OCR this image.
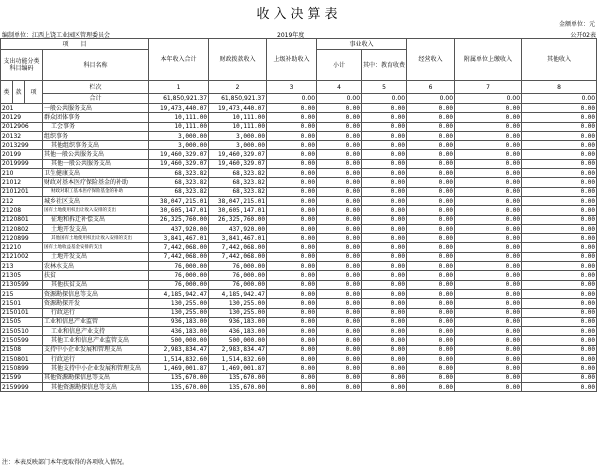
收入决算表
金额单位：元
编制单位：江西上饶工业园区管理委员会	2019年度	公开02表
项　　目				本年收入合计	财政拨款收入	上级补助收入	事业收入		经营收入	附属单位上缴收入	其他收入
支出功能分类科目编码			科目名称				小计	其中：教育收费			
类	款	项	栏次	1	2	3	4	5	6	7	8
			合计	61,850,921.37	61,850,921.37	0.00	0.00	0.00	0.00	0.00	0.00
201			一般公共服务支出	19,473,440.07	19,473,440.07	0.00	0.00	0.00	0.00	0.00	0.00
20129			群众团体事务	10,111.00	10,111.00	0.00	0.00	0.00	0.00	0.00	0.00
2012906			工会事务	10,111.00	10,111.00	0.00	0.00	0.00	0.00	0.00	0.00
20132			组织事务	3,000.00	3,000.00	0.00	0.00	0.00	0.00	0.00	0.00
2013299			其他组织事务支出	3,000.00	3,000.00	0.00	0.00	0.00	0.00	0.00	0.00
20199			其他一般公共服务支出	19,460,329.07	19,460,329.07	0.00	0.00	0.00	0.00	0.00	0.00
2019999			其他一般公共服务支出	19,460,329.07	19,460,329.07	0.00	0.00	0.00	0.00	0.00	0.00
210			卫生健康支出	68,323.82	68,323.82	0.00	0.00	0.00	0.00	0.00	0.00
21012			财政对基本医疗保险基金的补助	68,323.82	68,323.82	0.00	0.00	0.00	0.00	0.00	0.00
2101201			财政对职工基本医疗保险基金的补助	68,323.82	68,323.82	0.00	0.00	0.00	0.00	0.00	0.00
212			城乡社区支出	38,047,215.01	38,047,215.01	0.00	0.00	0.00	0.00	0.00	0.00
21208			国有土地使用权出让收入安排的支出	30,605,147.01	30,605,147.01	0.00	0.00	0.00	0.00	0.00	0.00
2120801			征地和拆迁补偿支出	26,325,760.00	26,325,760.00	0.00	0.00	0.00	0.00	0.00	0.00
2120802			土地开发支出	437,920.00	437,920.00	0.00	0.00	0.00	0.00	0.00	0.00
2120899			其他国有土地使用权出让收入安排的支出	3,841,467.01	3,841,467.01	0.00	0.00	0.00	0.00	0.00	0.00
21210			国有土地收益基金安排的支出	7,442,068.00	7,442,068.00	0.00	0.00	0.00	0.00	0.00	0.00
2121002			土地开发支出	7,442,068.00	7,442,068.00	0.00	0.00	0.00	0.00	0.00	0.00
213			农林水支出	76,000.00	76,000.00	0.00	0.00	0.00	0.00	0.00	0.00
21305			扶贫	76,000.00	76,000.00	0.00	0.00	0.00	0.00	0.00	0.00
2130599			其他扶贫支出	76,000.00	76,000.00	0.00	0.00	0.00	0.00	0.00	0.00
215			资源勘探信息等支出	4,185,942.47	4,185,942.47	0.00	0.00	0.00	0.00	0.00	0.00
21501			资源勘探开发	130,255.00	130,255.00	0.00	0.00	0.00	0.00	0.00	0.00
2150101			行政运行	130,255.00	130,255.00	0.00	0.00	0.00	0.00	0.00	0.00
21505			工业和信息产业监管	936,183.00	936,183.00	0.00	0.00	0.00	0.00	0.00	0.00
2150510			工业和信息产业支持	436,183.00	436,183.00	0.00	0.00	0.00	0.00	0.00	0.00
2150599			其他工业和信息产业监管支出	500,000.00	500,000.00	0.00	0.00	0.00	0.00	0.00	0.00
21508			支持中小企业发展和管理支出	2,983,834.47	2,983,834.47	0.00	0.00	0.00	0.00	0.00	0.00
2150801			行政运行	1,514,832.60	1,514,832.60	0.00	0.00	0.00	0.00	0.00	0.00
2150899			其他支持中小企业发展和管理支出	1,469,001.87	1,469,001.87	0.00	0.00	0.00	0.00	0.00	0.00
21599			其他资源勘探信息等支出	135,670.00	135,670.00	0.00	0.00	0.00	0.00	0.00	0.00
2159999			其他资源勘探信息等支出	135,670.00	135,670.00	0.00	0.00	0.00	0.00	0.00	0.00
注：本表反映部门本年度取得的各项收入情况。
